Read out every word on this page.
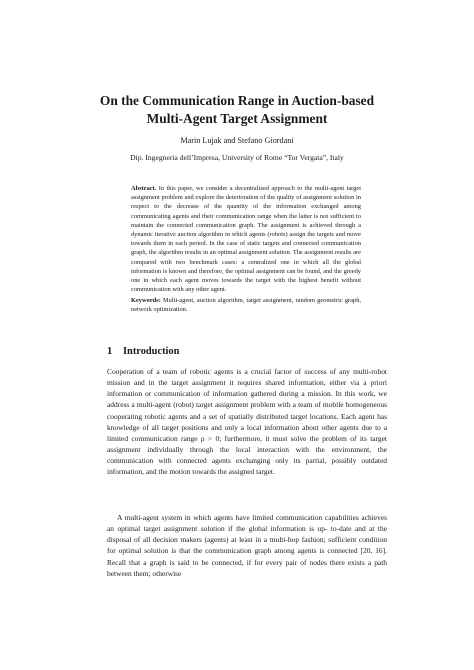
On the Communication Range in Auction-based
Multi-Agent Target Assignment
Marin Lujak and Stefano Giordani
Dip. Ingegneria dell’Impresa, University of Rome “Tor Vergata”, Italy

Abstract. In this paper, we consider a decentralized approach to the multi-agent target assignment problem and explore the deterioration of the quality of assignment solution in respect to the decrease of the quantity of the information exchanged among communicating agents and their communication range when the latter is not sufficient to maintain the connected communication graph. The assignment is achieved through a dynamic iterative auction algorithm in which agents (robots) assign the targets and move towards them in each period. In the case of static targets and connected communication graph, the algorithm results in an optimal assignment solution. The assignment results are compared with two benchmark cases: a centralized one in which all the global information is known and therefore, the optimal assignment can be found, and the greedy one in which each agent moves towards the target with the highest benefit without communication with any other agent.

Keywords: Multi-agent, auction algorithm, target assignment, random geometric graph, network optimization.

1 Introduction

Cooperation of a team of robotic agents is a crucial factor of success of any multi-robot mission and in the target assignment it requires shared information, either via a priori information or communication of information gathered during a mission. In this work, we address a multi-agent (robot) target assignment problem with a team of mobile homogeneous cooperating robotic agents and a set of spatially distributed target locations. Each agent has knowledge of all target positions and only a local information about other agents due to a limited communication range ρ > 0; furthermore, it must solve the problem of its target assignment individually through the local interaction with the environment, the communication with connected agents exchanging only its partial, possibly outdated information, and the motion towards the assigned target.

A multi-agent system in which agents have limited communication capabilities achieves an optimal target assignment solution if the global information is up- to-date and at the disposal of all decision makers (agents) at least in a multi-hop fashion; sufficient condition for optimal solution is that the communication graph among agents is connected [20, 16]. Recall that a graph is said to be connected, if for every pair of nodes there exists a path between them; otherwise
